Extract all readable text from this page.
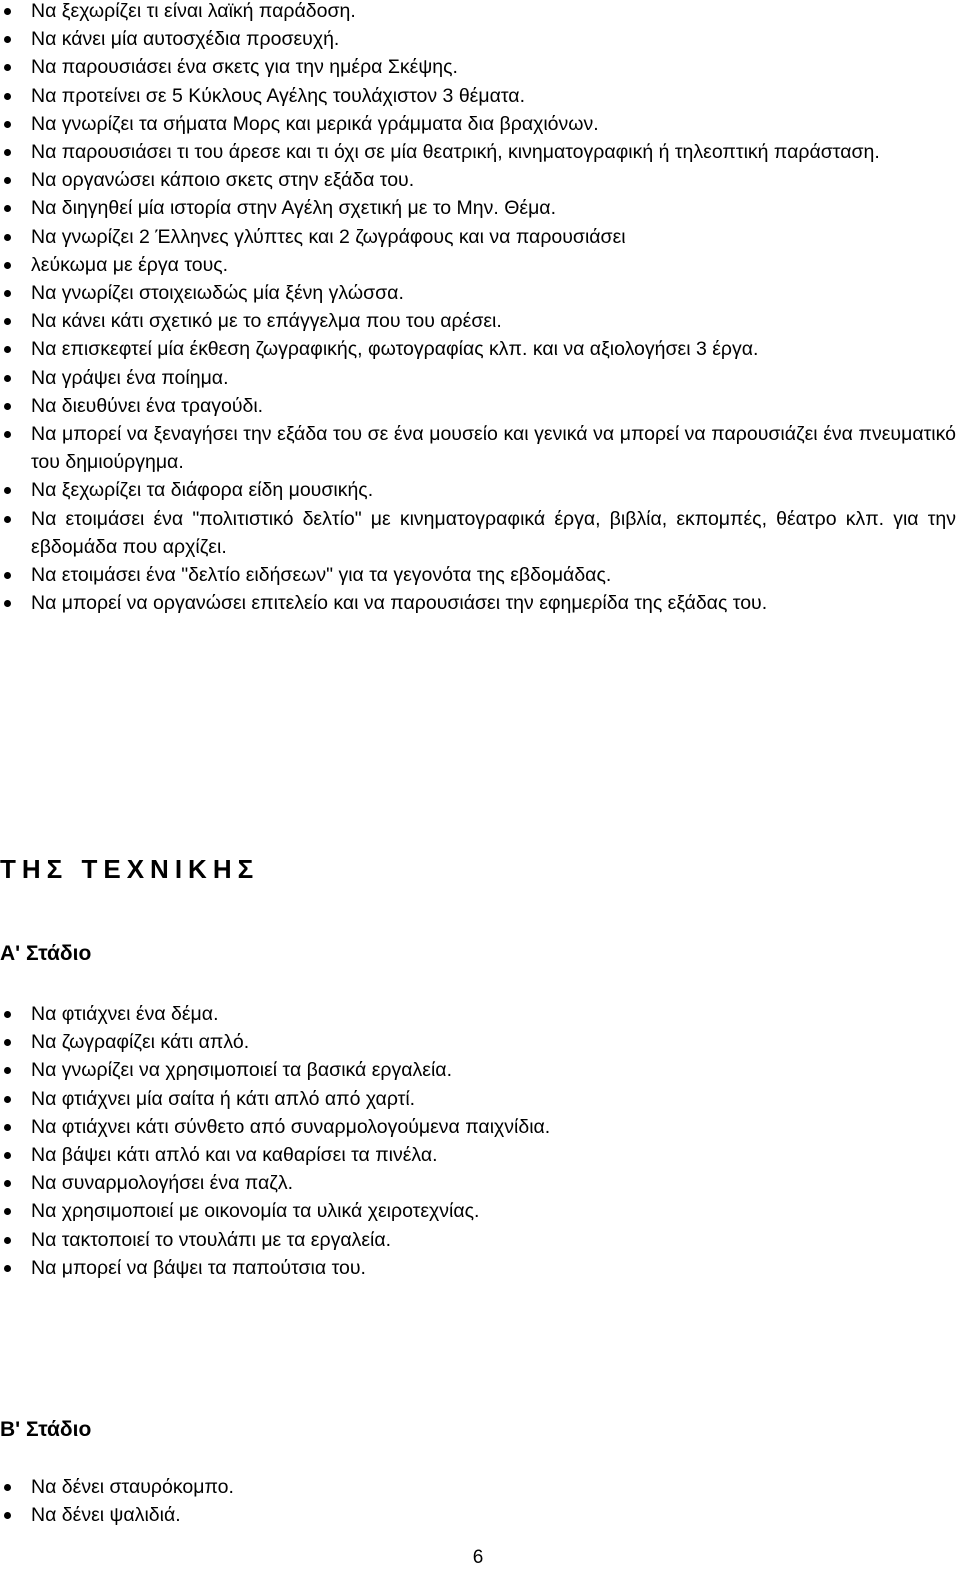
Να ξεχωρίζει τι είναι λαϊκή παράδοση.
Να κάνει μία αυτοσχέδια προσευχή.
Να παρουσιάσει ένα σκετς για την ημέρα Σκέψης.
Να προτείνει σε 5 Κύκλους Αγέλης τουλάχιστον 3 θέματα.
Να γνωρίζει τα σήματα Μορς και μερικά γράμματα δια βραχιόνων.
Να παρουσιάσει τι του άρεσε και τι όχι σε μία θεατρική, κινηματογραφική ή τηλεοπτική παράσταση.
Να οργανώσει κάποιο σκετς στην εξάδα του.
Να διηγηθεί μία ιστορία στην Αγέλη σχετική με το Μην. Θέμα.
Να γνωρίζει 2 Έλληνες γλύπτες και 2 ζωγράφους και να παρουσιάσει
λεύκωμα με έργα τους.
Να γνωρίζει στοιχειωδώς μία ξένη γλώσσα.
Να κάνει κάτι σχετικό με το επάγγελμα που του αρέσει.
Να επισκεφτεί μία έκθεση ζωγραφικής, φωτογραφίας κλπ. και να αξιολογήσει 3 έργα.
Να γράψει ένα ποίημα.
Να διευθύνει ένα τραγούδι.
Να μπορεί να ξεναγήσει την εξάδα του σε ένα μουσείο και γενικά να μπορεί να παρουσιάζει ένα πνευματικό του δημιούργημα.
Να ξεχωρίζει τα διάφορα είδη μουσικής.
Να ετοιμάσει ένα "πολιτιστικό δελτίο" με κινηματογραφικά έργα, βιβλία, εκπομπές, θέατρο κλπ. για την εβδομάδα που αρχίζει.
Να ετοιμάσει ένα "δελτίο ειδήσεων" για τα γεγονότα της εβδομάδας.
Να μπορεί να οργανώσει επιτελείο και να παρουσιάσει την εφημερίδα της εξάδας του.
ΤΗΣ ΤΕΧΝΙΚΗΣ
Α' Στάδιο
Να φτιάχνει ένα δέμα.
Να ζωγραφίζει κάτι απλό.
Να γνωρίζει να χρησιμοποιεί τα βασικά εργαλεία.
Να φτιάχνει μία σαίτα ή κάτι απλό από χαρτί.
Να φτιάχνει κάτι σύνθετο από συναρμολογούμενα παιχνίδια.
Να βάψει κάτι απλό και να καθαρίσει τα πινέλα.
Να συναρμολογήσει ένα παζλ.
Να χρησιμοποιεί με οικονομία τα υλικά χειροτεχνίας.
Να τακτοποιεί το ντουλάπι με τα εργαλεία.
Να μπορεί να βάψει τα παπούτσια του.
Β' Στάδιο
Να δένει σταυρόκομπο.
Να δένει ψαλιδιά.
6
